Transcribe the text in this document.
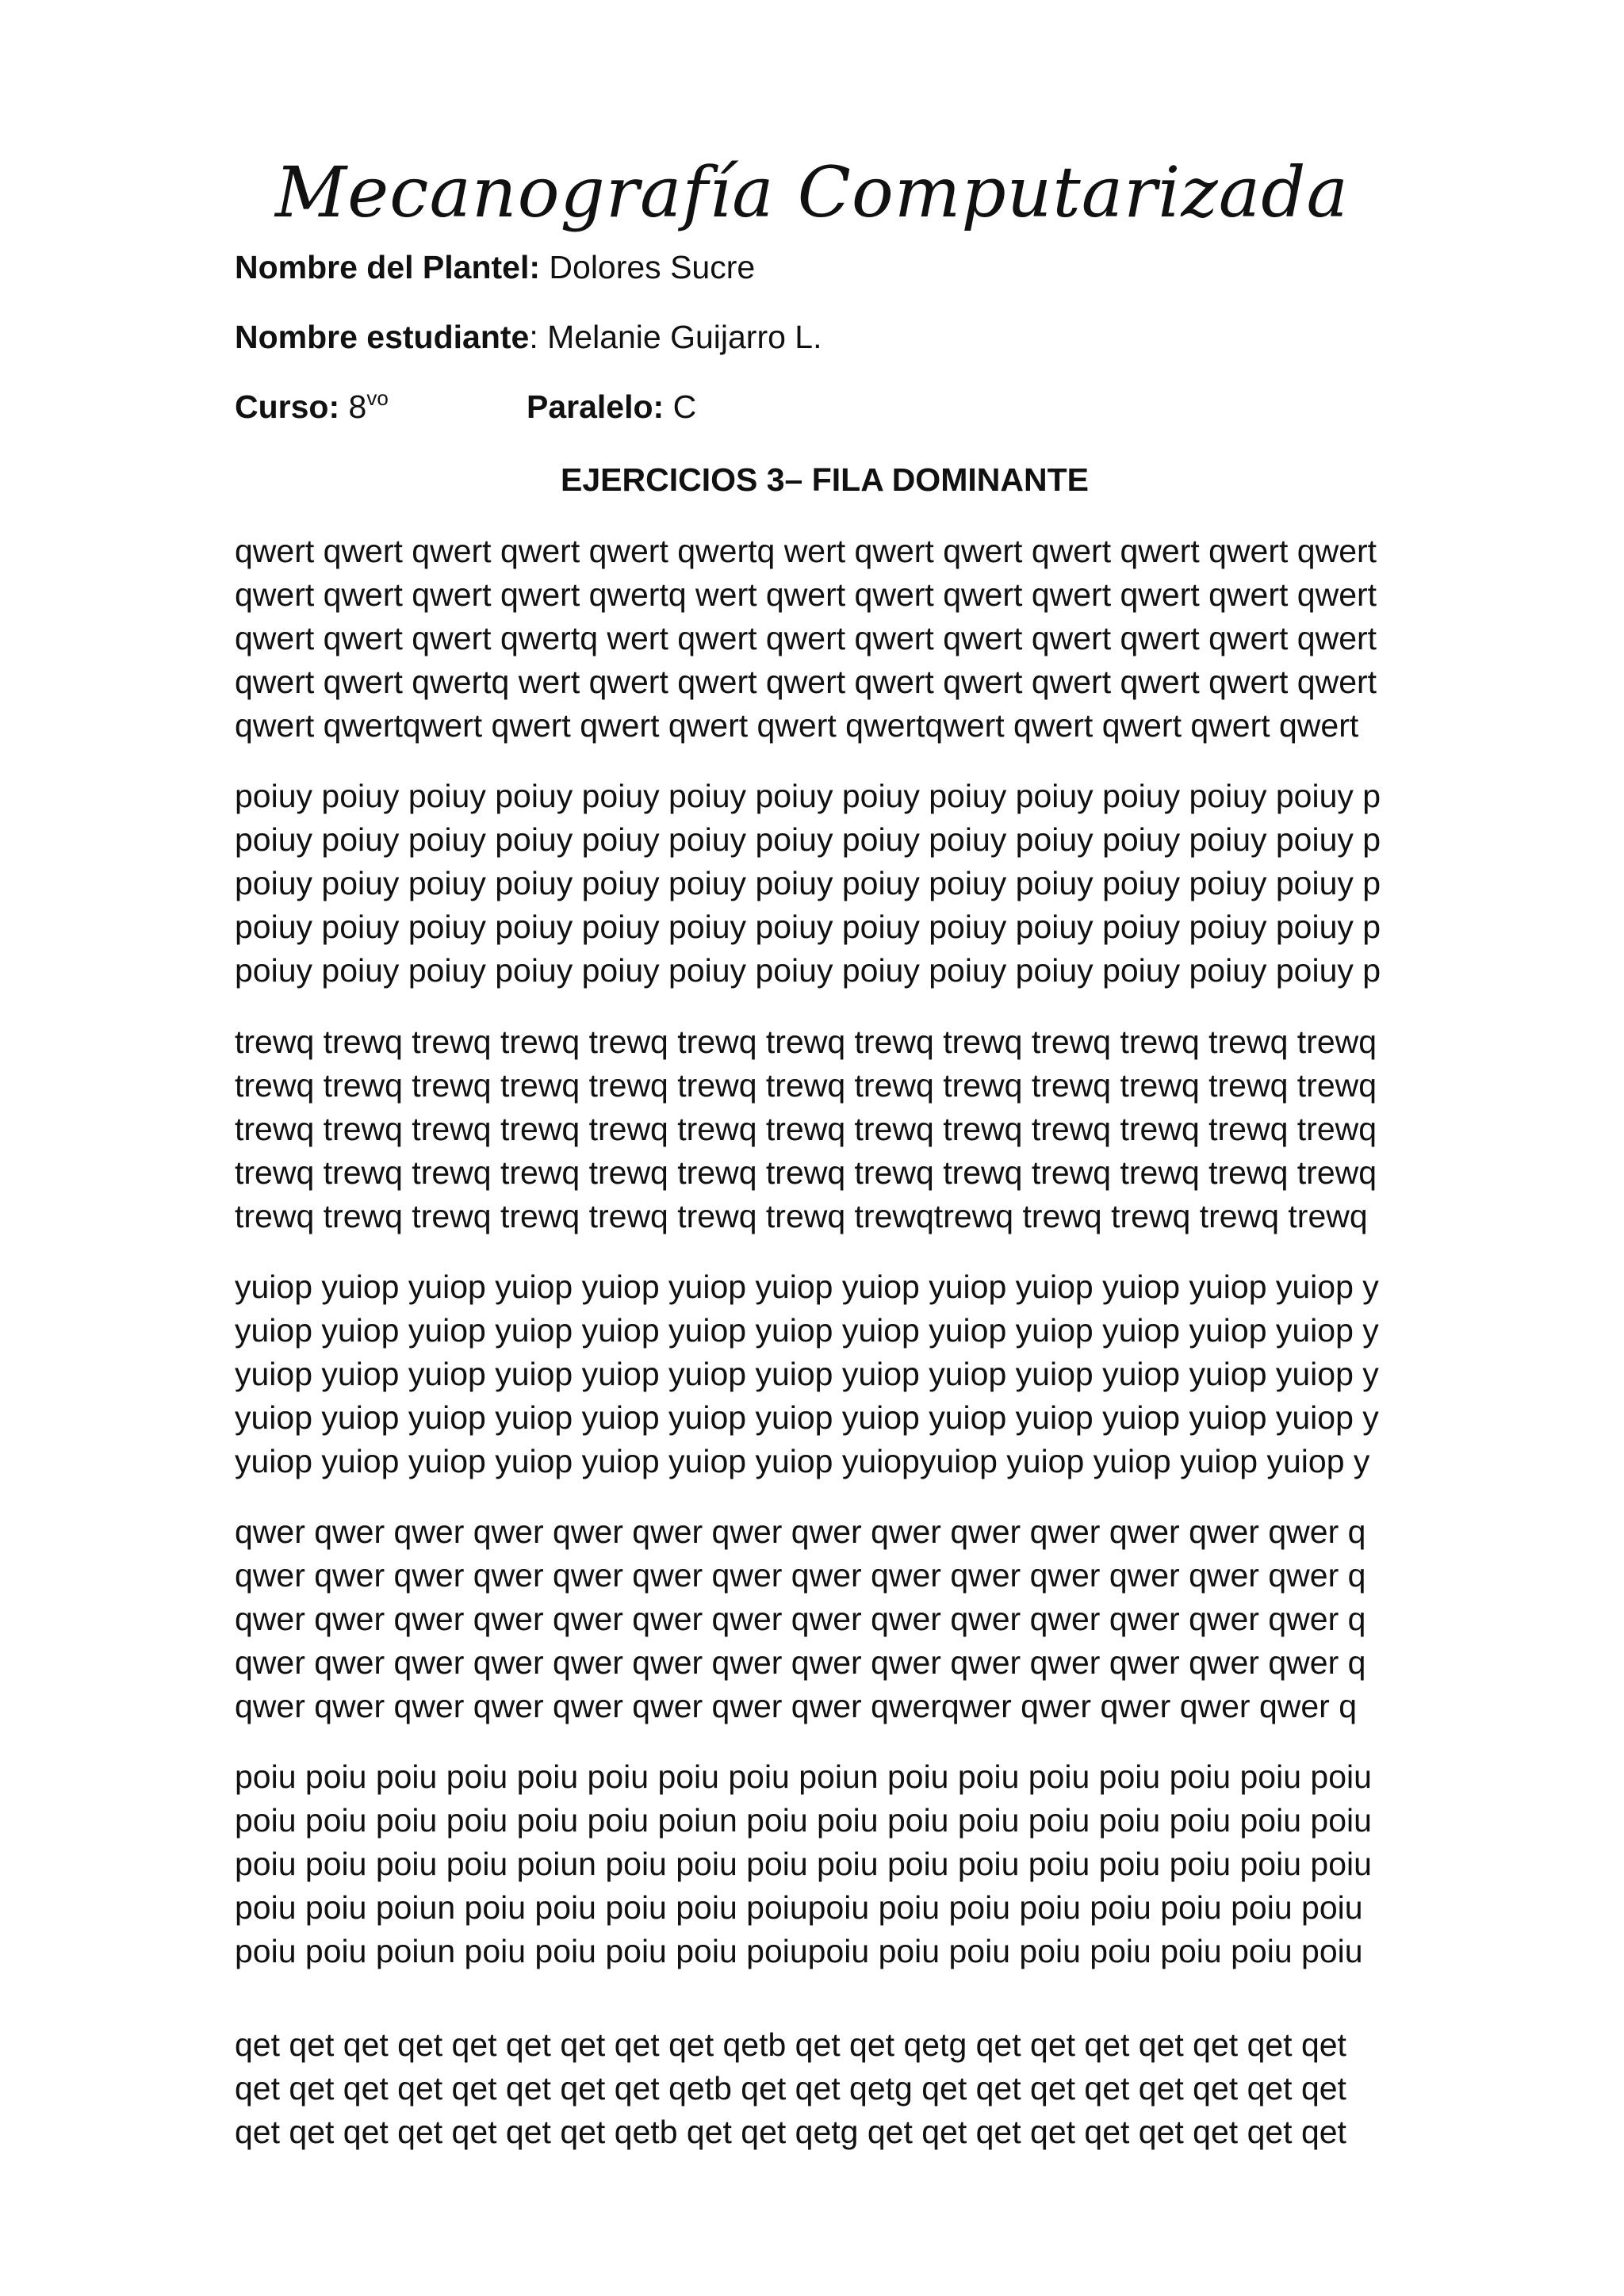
Mecanografía Computarizada
Nombre del Plantel: Dolores Sucre
Nombre estudiante: Melanie Guijarro L.
Curso: $8^{vo}$	Paralelo: C
EJERCICIOS 3– FILA DOMINANTE
qwert qwert qwert qwert qwert qwertq wert qwert qwert qwert qwert qwert qwert
qwert qwert qwert qwert qwertq wert qwert qwert qwert qwert qwert qwert qwert
qwert qwert qwert qwertq wert qwert qwert qwert qwert qwert qwert qwert qwert
qwert qwert qwertq wert qwert qwert qwert qwert qwert qwert qwert qwert qwert
qwert qwertqwert qwert qwert qwert qwert qwertqwert qwert qwert qwert qwert
poiuy poiuy poiuy poiuy poiuy poiuy poiuy poiuy poiuy poiuy poiuy poiuy poiuy p
poiuy poiuy poiuy poiuy poiuy poiuy poiuy poiuy poiuy poiuy poiuy poiuy poiuy p
poiuy poiuy poiuy poiuy poiuy poiuy poiuy poiuy poiuy poiuy poiuy poiuy poiuy p
poiuy poiuy poiuy poiuy poiuy poiuy poiuy poiuy poiuy poiuy poiuy poiuy poiuy p
poiuy poiuy poiuy poiuy poiuy poiuy poiuy poiuy poiuy poiuy poiuy poiuy poiuy p
trewq trewq trewq trewq trewq trewq trewq trewq trewq trewq trewq trewq trewq
trewq trewq trewq trewq trewq trewq trewq trewq trewq trewq trewq trewq trewq
trewq trewq trewq trewq trewq trewq trewq trewq trewq trewq trewq trewq trewq
trewq trewq trewq trewq trewq trewq trewq trewq trewq trewq trewq trewq trewq
trewq trewq trewq trewq trewq trewq trewq trewqtrewq trewq trewq trewq trewq
yuiop yuiop yuiop yuiop yuiop yuiop yuiop yuiop yuiop yuiop yuiop yuiop yuiop y
yuiop yuiop yuiop yuiop yuiop yuiop yuiop yuiop yuiop yuiop yuiop yuiop yuiop y
yuiop yuiop yuiop yuiop yuiop yuiop yuiop yuiop yuiop yuiop yuiop yuiop yuiop y
yuiop yuiop yuiop yuiop yuiop yuiop yuiop yuiop yuiop yuiop yuiop yuiop yuiop y
yuiop yuiop yuiop yuiop yuiop yuiop yuiop yuiopyuiop yuiop yuiop yuiop yuiop y
qwer qwer qwer qwer qwer qwer qwer qwer qwer qwer qwer qwer qwer qwer q
qwer qwer qwer qwer qwer qwer qwer qwer qwer qwer qwer qwer qwer qwer q
qwer qwer qwer qwer qwer qwer qwer qwer qwer qwer qwer qwer qwer qwer q
qwer qwer qwer qwer qwer qwer qwer qwer qwer qwer qwer qwer qwer qwer q
qwer qwer qwer qwer qwer qwer qwer qwer qwerqwer qwer qwer qwer qwer q
poiu poiu poiu poiu poiu poiu poiu poiu poiun poiu poiu poiu poiu poiu poiu poiu
poiu poiu poiu poiu poiu poiu poiun poiu poiu poiu poiu poiu poiu poiu poiu poiu
poiu poiu poiu poiu poiun poiu poiu poiu poiu poiu poiu poiu poiu poiu poiu poiu
poiu poiu poiun poiu poiu poiu poiu poiupoiu poiu poiu poiu poiu poiu poiu poiu
poiu poiu poiun poiu poiu poiu poiu poiupoiu poiu poiu poiu poiu poiu poiu poiu
qet qet qet qet qet qet qet qet qet qetb qet qet qetg qet qet qet qet qet qet qet
qet qet qet qet qet qet qet qet qetb qet qet qetg qet qet qet qet qet qet qet qet
qet qet qet qet qet qet qet qetb qet qet qetg qet qet qet qet qet qet qet qet qet
